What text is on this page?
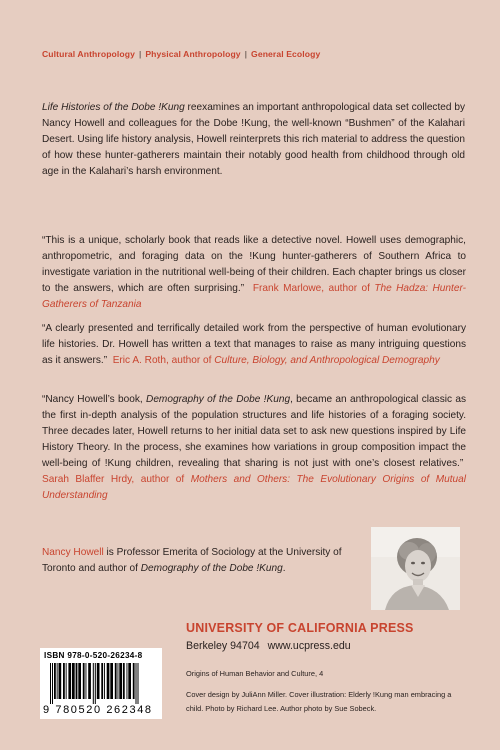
Cultural Anthropology | Physical Anthropology | General Ecology
Life Histories of the Dobe !Kung reexamines an important anthropological data set collected by Nancy Howell and colleagues for the Dobe !Kung, the well-known “Bushmen” of the Kalahari Desert. Using life history analysis, Howell reinterprets this rich material to address the question of how these hunter-gatherers maintain their notably good health from childhood through old age in the Kalahari’s harsh environment.
“This is a unique, scholarly book that reads like a detective novel. Howell uses demographic, anthropometric, and foraging data on the !Kung hunter-gatherers of Southern Africa to investigate variation in the nutritional well-being of their children. Each chapter brings us closer to the answers, which are often surprising.” Frank Marlowe, author of The Hadza: Hunter-Gatherers of Tanzania
“A clearly presented and terrifically detailed work from the perspective of human evolutionary life histories. Dr. Howell has written a text that manages to raise as many intriguing questions as it answers.” Eric A. Roth, author of Culture, Biology, and Anthropological Demography
“Nancy Howell’s book, Demography of the Dobe !Kung, became an anthropological classic as the first in-depth analysis of the population structures and life histories of a foraging society. Three decades later, Howell returns to her initial data set to ask new questions inspired by Life History Theory. In the process, she examines how variations in group composition impact the well-being of !Kung children, revealing that sharing is not just with one’s closest relatives.”  Sarah Blaffer Hrdy, author of Mothers and Others: The Evolutionary Origins of Mutual Understanding
Nancy Howell is Professor Emerita of Sociology at the University of Toronto and author of Demography of the Dobe !Kung.
UNIVERSITY OF CALIFORNIA PRESS
Berkeley 94704 www.ucpress.edu
Origins of Human Behavior and Culture, 4
Cover design by JuliAnn Miller. Cover illustration: Elderly !Kung man embracing a child. Photo by Richard Lee. Author photo by Sue Sobeck.
ISBN 978-0-520-26234-8
9 780520 262348
